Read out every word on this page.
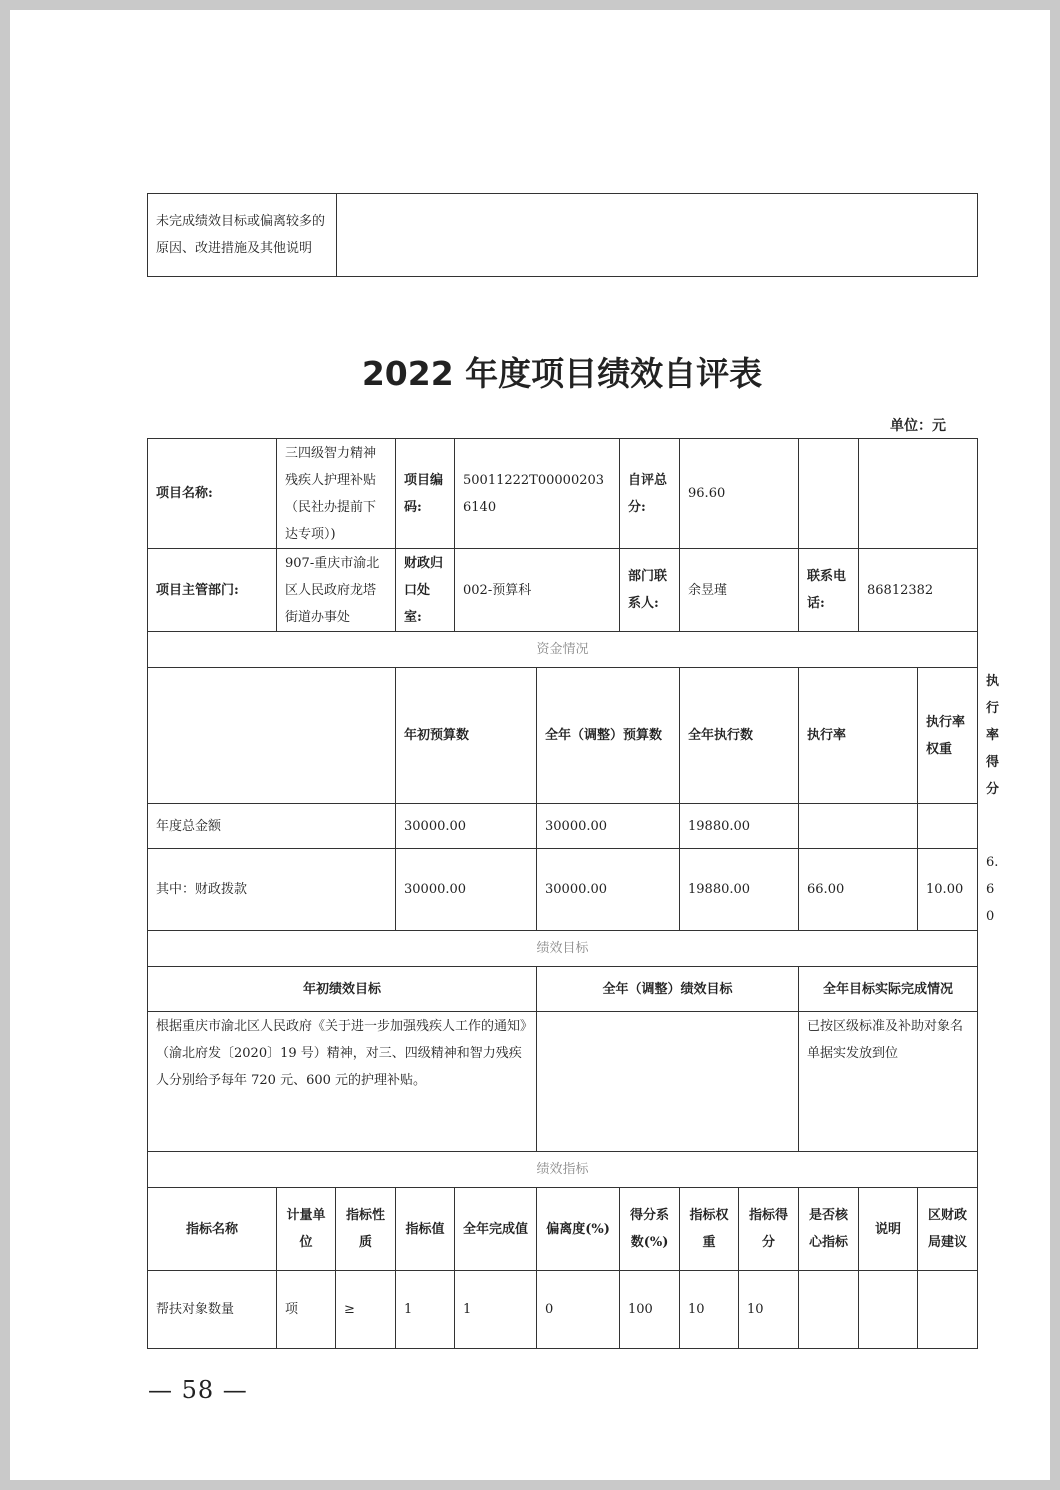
未完成绩效目标或偏离较多的原因、改进措施及其他说明	
2022 年度项目绩效自评表
单位：元
项目名称:	三四级智力精神残疾人护理补贴（民社办提前下达专项）)		项目编码:	50011222T000002036140		自评总分:	96.60					
项目主管部门:	907-重庆市渝北区人民政府龙塔街道办事处		财政归口处室:	002-预算科		部门联系人:	余昱瑾		联系电话:	86812382		
资金情况												
			年初预算数		全年（调整）预算数		全年执行数		执行率		执行率权重	执行率得分
年度总金额			30000.00		30000.00		19880.00					
其中：财政拨款			30000.00		30000.00		19880.00		66.00		10.00	6.60
绩效目标												
年初绩效目标					全年（调整）绩效目标				全年目标实际完成情况			
根据重庆市渝北区人民政府《关于进一步加强残疾人工作的通知》（渝北府发〔2020〕19 号）精神，对三、四级精神和智力残疾人分别给予每年 720 元、600 元的护理补贴。									已按区级标准及补助对象名单据实发放到位			
绩效指标												
指标名称	计量单位	指标性质	指标值	全年完成值	偏离度(%)	得分系数(%)	指标权重	指标得分	是否核心指标	说明	区财政局建议	
帮扶对象数量	项	≥	1	1	0	100	10	10				
— 58 —
